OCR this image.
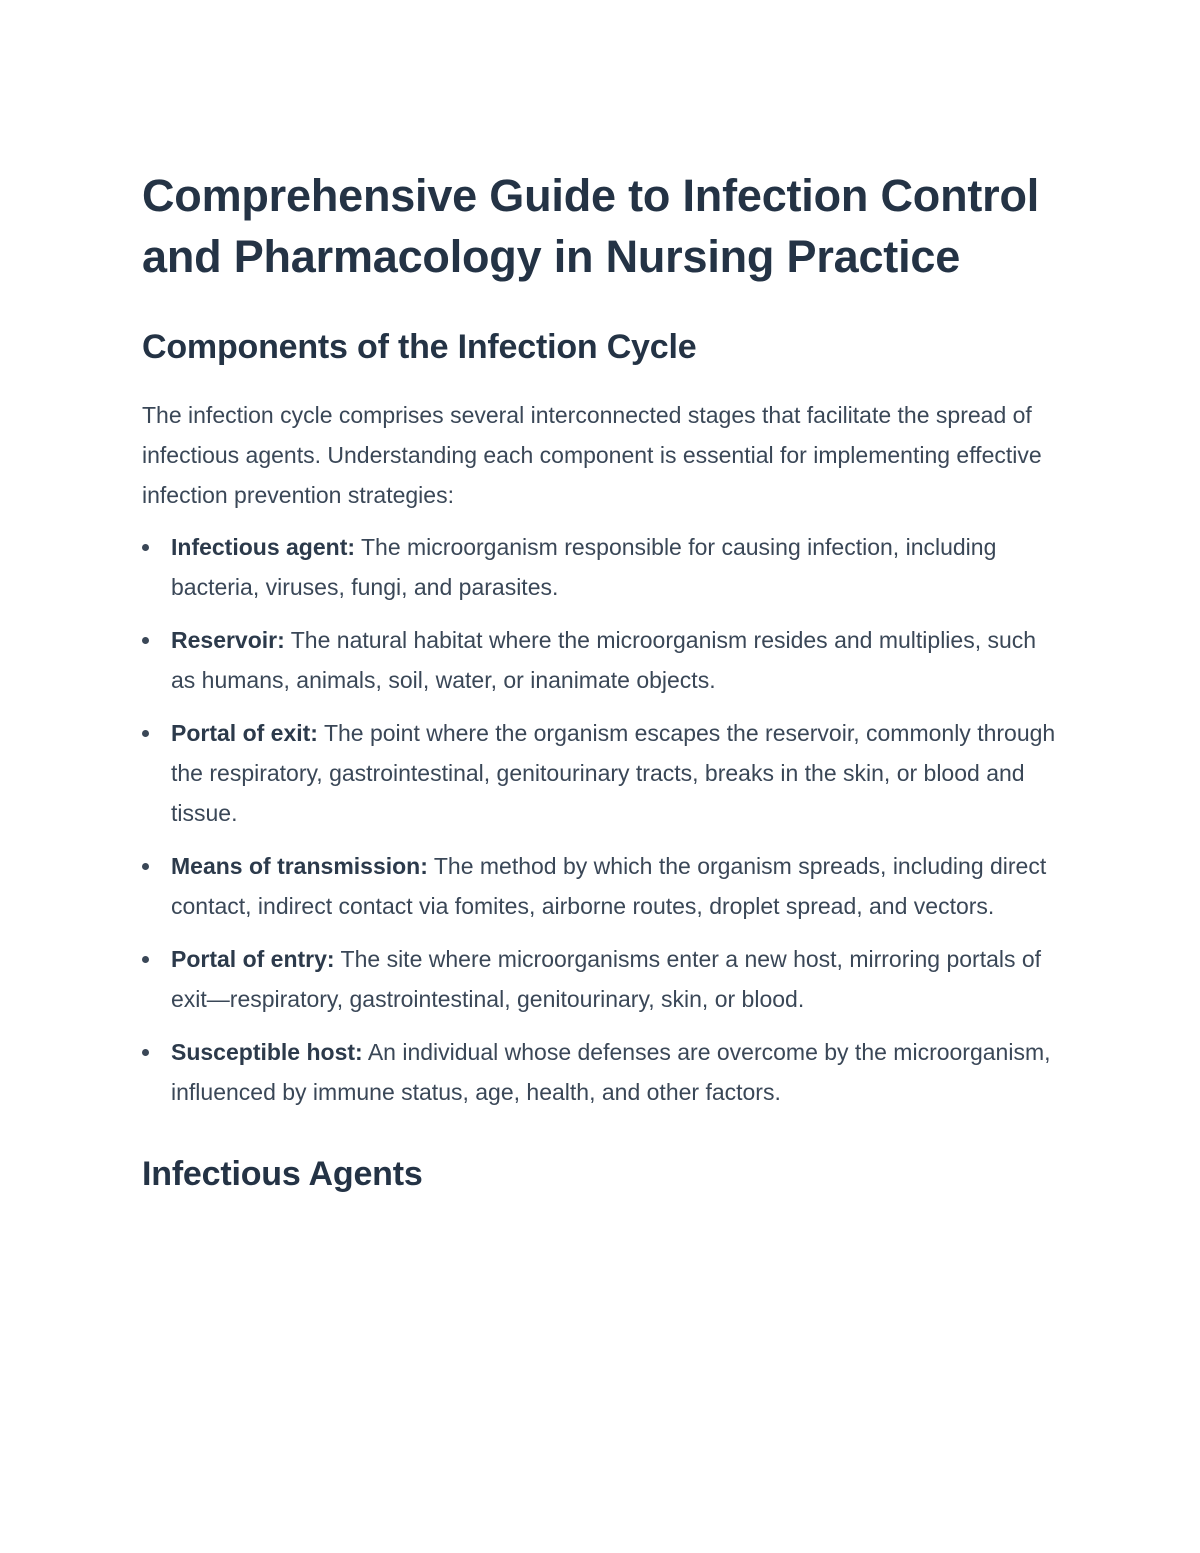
Comprehensive Guide to Infection Control and Pharmacology in Nursing Practice
Components of the Infection Cycle

The infection cycle comprises several interconnected stages that facilitate the spread of infectious agents. Understanding each component is essential for implementing effective infection prevention strategies:

Infectious agent: The microorganism responsible for causing infection, including bacteria, viruses, fungi, and parasites.
Reservoir: The natural habitat where the microorganism resides and multiplies, such as humans, animals, soil, water, or inanimate objects.
Portal of exit: The point where the organism escapes the reservoir, commonly through the respiratory, gastrointestinal, genitourinary tracts, breaks in the skin, or blood and tissue.
Means of transmission: The method by which the organism spreads, including direct contact, indirect contact via fomites, airborne routes, droplet spread, and vectors.
Portal of entry: The site where microorganisms enter a new host, mirroring portals of exit—respiratory, gastrointestinal, genitourinary, skin, or blood.
Susceptible host: An individual whose defenses are overcome by the microorganism, influenced by immune status, age, health, and other factors.
Infectious Agents
